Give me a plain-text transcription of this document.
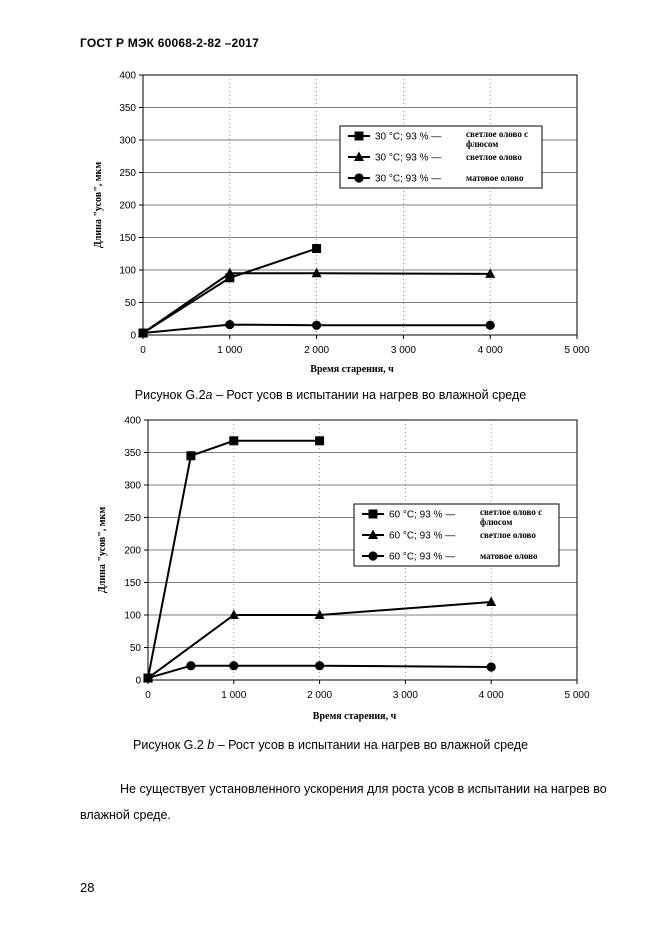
ГОСТ Р МЭК 60068-2-82 –2017
0
50
100
150
200
250
300
350
400
0	1 000	2 000	3 000	4 000	5 000
Время старения, ч
Длина "усов", мкм
30 °C; 93 % —	светлое олово с
флюсом
30 °C; 93 % —	светлое олово
30 °C; 93 % —	матовое олово
Рисунок G.2a – Рост усов в испытании на нагрев во влажной среде
0
50
100
150
200
250
300
350
400
0	1 000	2 000	3 000	4 000	5 000
Время старения, ч
Длина "усов", мкм	60 °C; 93 % —	светлое олово с
флюсом
60 °C; 93 % —	светлое олово
60 °C; 93 % —	матовое олово
Рисунок G.2 b – Рост усов в испытании на нагрев во влажной среде
Не существует установленного ускорения для роста усов в испытании на нагрев во влажной среде.
28
